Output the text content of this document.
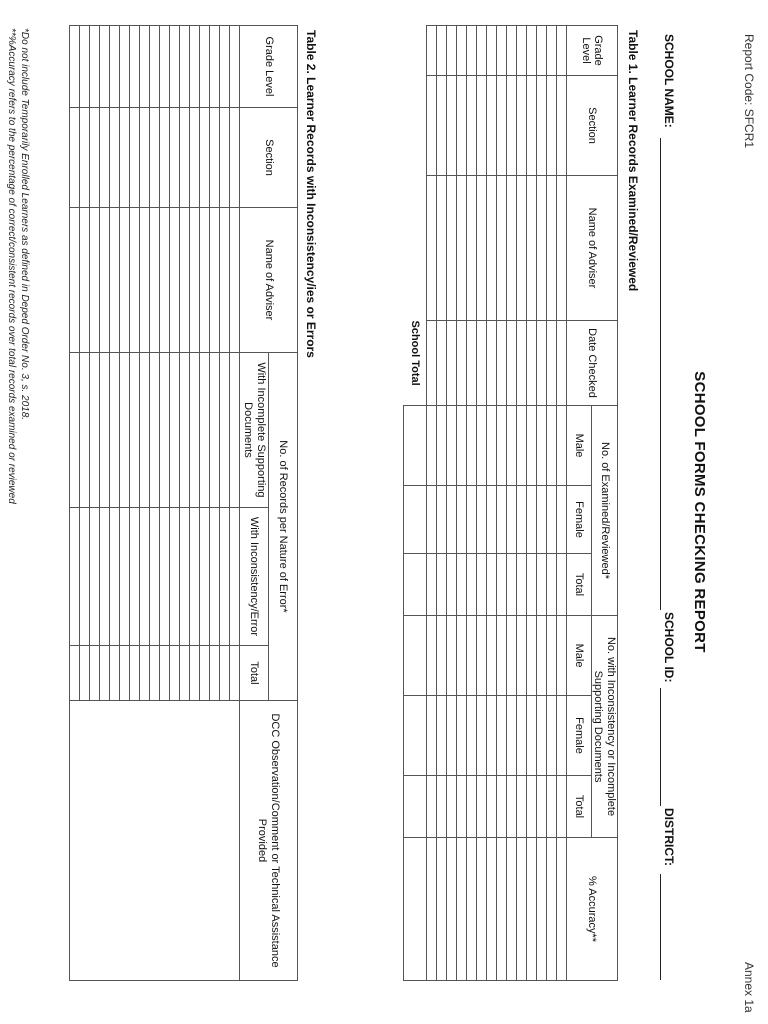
Report Code: SFCR1
Annex 1a
SCHOOL FORMS CHECKING REPORT
SCHOOL NAME:
SCHOOL ID:
DISTRICT:
Table 1. Learner Records Examined/Reviewed
Grade Level	Section	Name of Adviser	Date Checked	No. of Examined/Reviewed*			No. with Inconsistency or Incomplete Supporting Documents			% Accuracy**
				Male	Female	Total	Male	Female	Total	

			School Total							
Table 2. Learner Records with Inconsistency/ies or Errors
Grade Level	Section	Name of Adviser	No. of Records per Nature of Error*			DCC Observation/Comment or Technical Assistance Provided
			With Incomplete Supporting Documents	With Inconsistency/Error	Total	

*Do not include Temporarily Enrolled Learners as defined in Deped Order No. 3, s. 2018.
**%Accuracy refers to the percentage of correct/consistent records over total records examined or reviewed
